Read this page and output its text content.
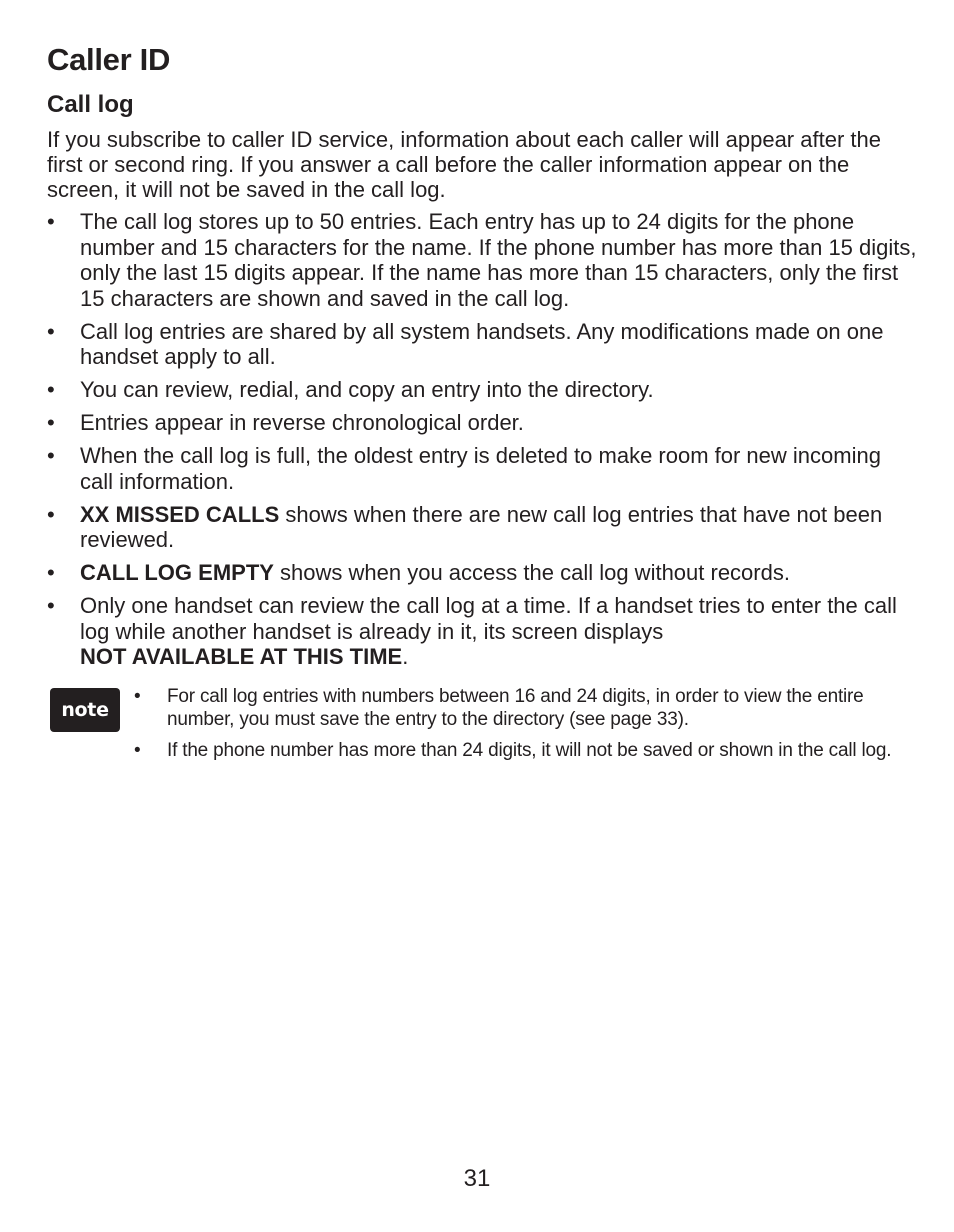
Caller ID
Call log

If you subscribe to caller ID service, information about each caller will appear after the first or second ring. If you answer a call before the caller information appear on the screen, it will not be saved in the call log.

• The call log stores up to 50 entries. Each entry has up to 24 digits for the phone number and 15 characters for the name. If the phone number has more than 15 digits, only the last 15 digits appear. If the name has more than 15 characters, only the first 15 characters are shown and saved in the call log.
• Call log entries are shared by all system handsets. Any modifications made on one handset apply to all.
• You can review, redial, and copy an entry into the directory.
• Entries appear in reverse chronological order.
• When the call log is full, the oldest entry is deleted to make room for new incoming call information.
• XX MISSED CALLS shows when there are new call log entries that have not been reviewed.
• CALL LOG EMPTY shows when you access the call log without records.
• Only one handset can review the call log at a time. If a handset tries to enter the call log while another handset is already in it, its screen displays
NOT AVAILABLE AT THIS TIME.
note
• For call log entries with numbers between 16 and 24 digits, in order to view the entire number, you must save the entry to the directory (see page 33).
• If the phone number has more than 24 digits, it will not be saved or shown in the call log.
31
